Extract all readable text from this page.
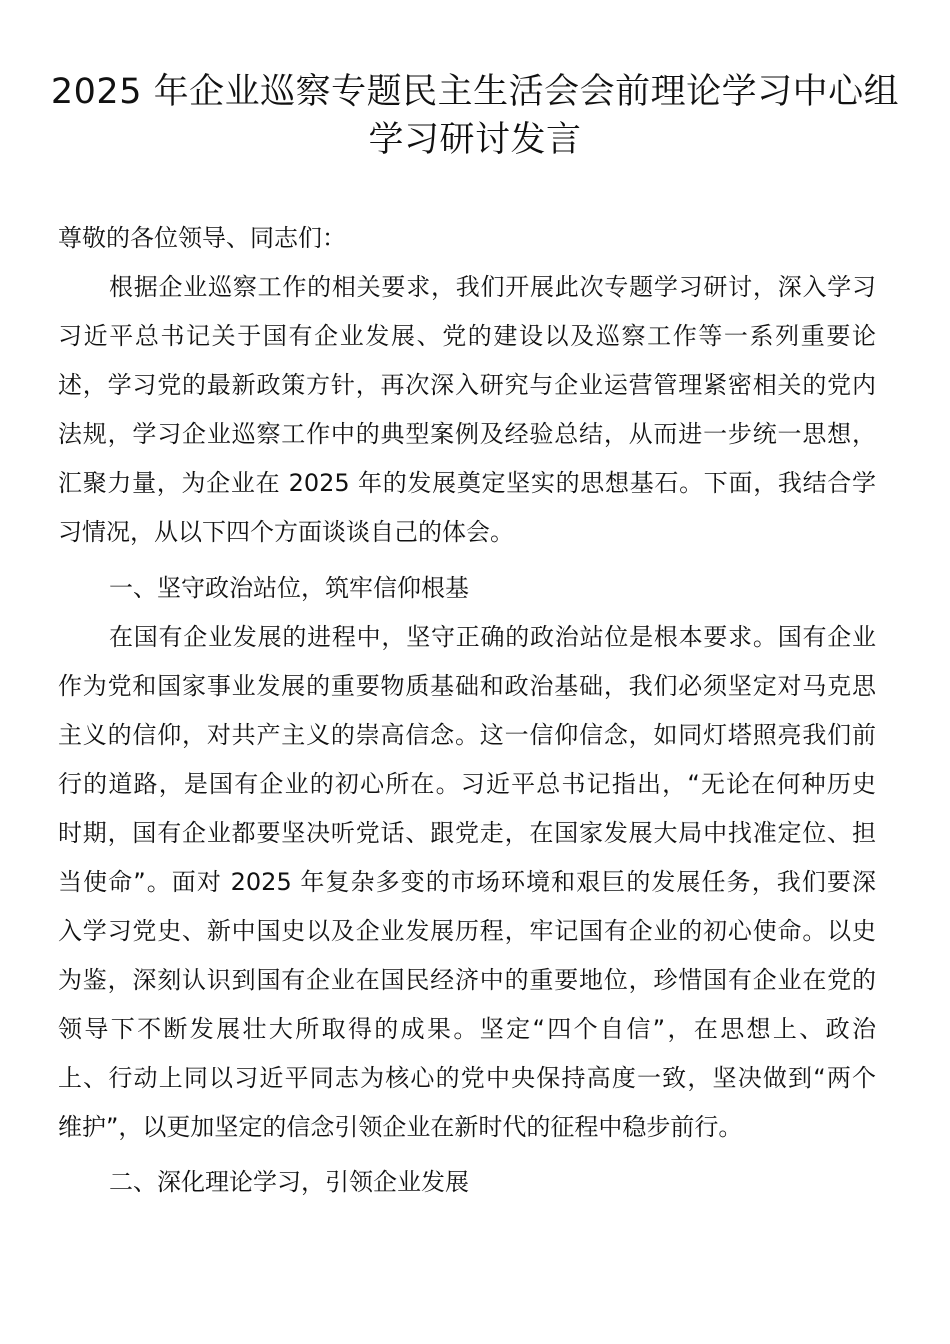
2025 年企业巡察专题民主生活会会前理论学习中心组
学习研讨发言
尊敬的各位领导、同志们：
根据企业巡察工作的相关要求，我们开展此次专题学习研讨，深入学习
习近平总书记关于国有企业发展、党的建设以及巡察工作等一系列重要论
述，学习党的最新政策方针，再次深入研究与企业运营管理紧密相关的党内
法规，学习企业巡察工作中的典型案例及经验总结，从而进一步统一思想，
汇聚力量，为企业在 2025 年的发展奠定坚实的思想基石。下面，我结合学
习情况，从以下四个方面谈谈自己的体会。
一、坚守政治站位，筑牢信仰根基
在国有企业发展的进程中，坚守正确的政治站位是根本要求。国有企业
作为党和国家事业发展的重要物质基础和政治基础，我们必须坚定对马克思
主义的信仰，对共产主义的崇高信念。这一信仰信念，如同灯塔照亮我们前
行的道路，是国有企业的初心所在。习近平总书记指出，“无论在何种历史
时期，国有企业都要坚决听党话、跟党走，在国家发展大局中找准定位、担
当使命”。面对 2025 年复杂多变的市场环境和艰巨的发展任务，我们要深
入学习党史、新中国史以及企业发展历程，牢记国有企业的初心使命。以史
为鉴，深刻认识到国有企业在国民经济中的重要地位，珍惜国有企业在党的
领导下不断发展壮大所取得的成果。坚定“四个自信”，在思想上、政治
上、行动上同以习近平同志为核心的党中央保持高度一致，坚决做到“两个
维护”，以更加坚定的信念引领企业在新时代的征程中稳步前行。
二、深化理论学习，引领企业发展
